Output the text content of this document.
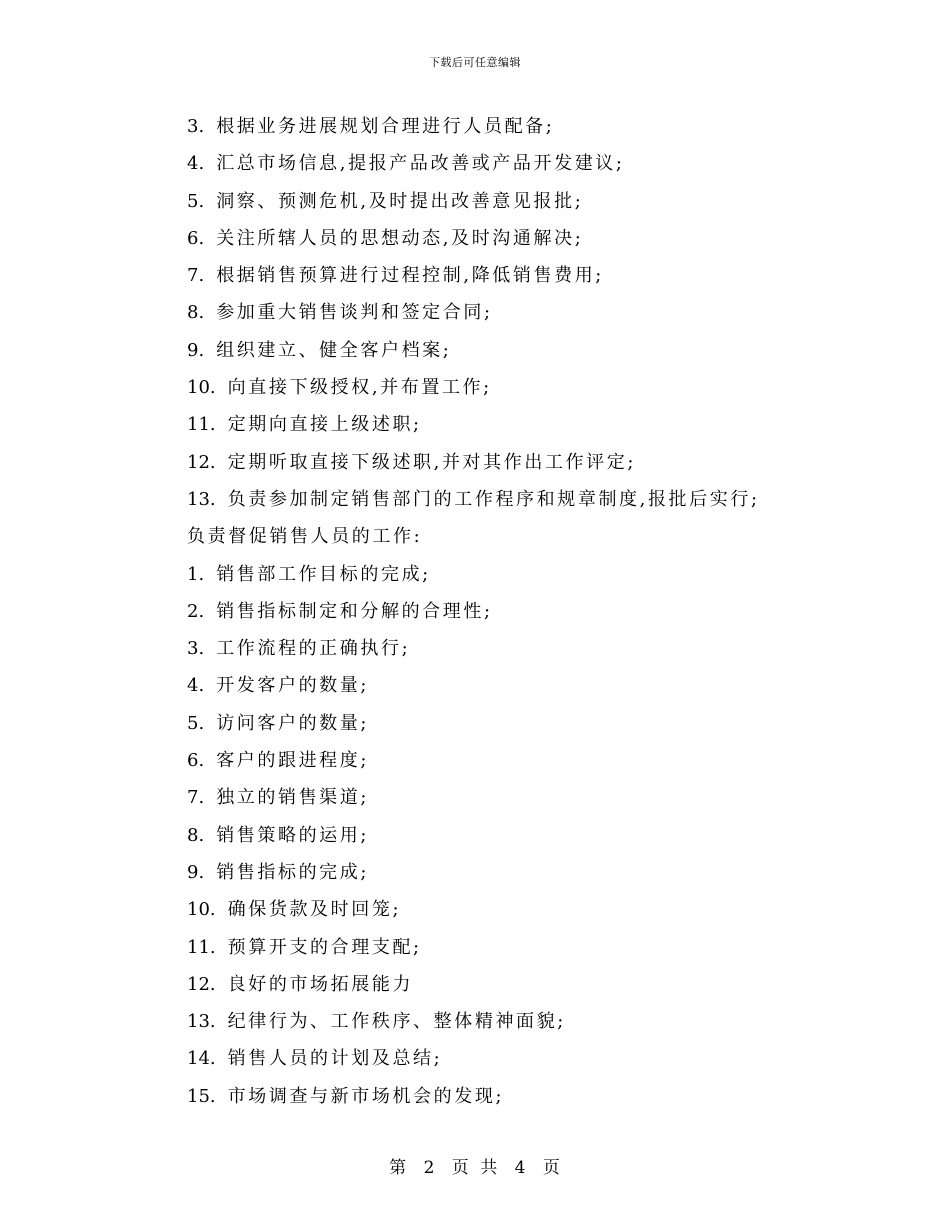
下载后可任意编辑
3. 根据业务进展规划合理进行人员配备;
4. 汇总市场信息,提报产品改善或产品开发建议;
5. 洞察、预测危机,及时提出改善意见报批;
6. 关注所辖人员的思想动态,及时沟通解决;
7. 根据销售预算进行过程控制,降低销售费用;
8. 参加重大销售谈判和签定合同;
9. 组织建立、健全客户档案;
10. 向直接下级授权,并布置工作;
11. 定期向直接上级述职;
12. 定期听取直接下级述职,并对其作出工作评定;
13. 负责参加制定销售部门的工作程序和规章制度,报批后实行;
负责督促销售人员的工作:
1. 销售部工作目标的完成;
2. 销售指标制定和分解的合理性;
3. 工作流程的正确执行;
4. 开发客户的数量;
5. 访问客户的数量;
6. 客户的跟进程度;
7. 独立的销售渠道;
8. 销售策略的运用;
9. 销售指标的完成;
10. 确保货款及时回笼;
11. 预算开支的合理支配;
12. 良好的市场拓展能力
13. 纪律行为、工作秩序、整体精神面貌;
14. 销售人员的计划及总结;
15. 市场调查与新市场机会的发现;
第 2 页 共 4 页
